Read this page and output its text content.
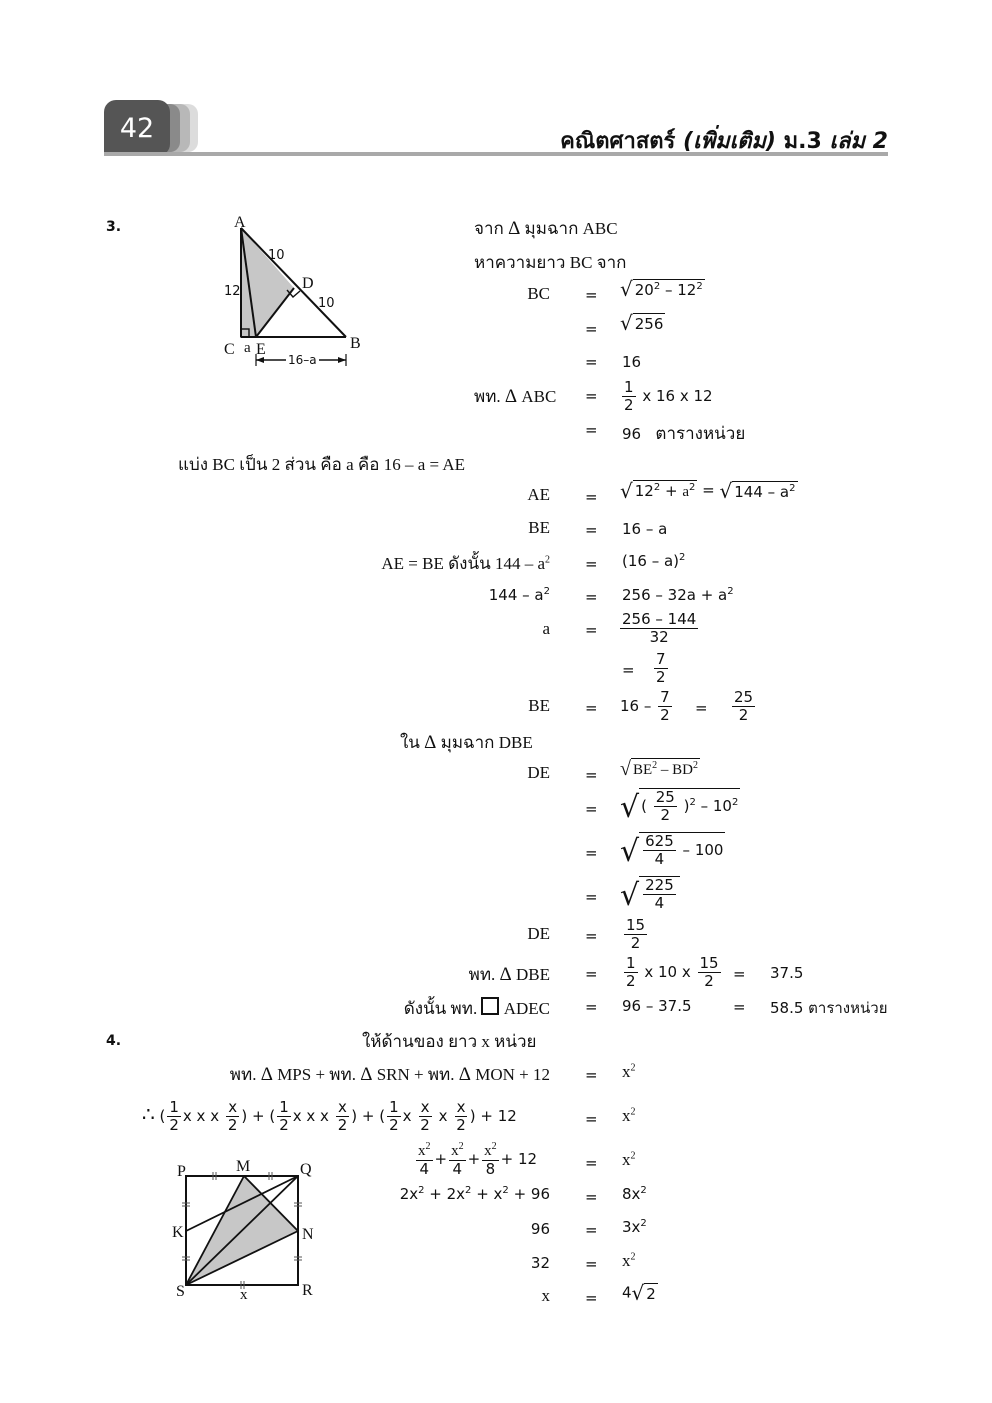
42	คณิตศาสตร์ (เพิ่มเติม) ม.3 เล่ม 2
A
D
B
C a E
10
10
12
16–a
3.	จาก Δ มุมฉาก ABC
หาความยาว BC จาก
BC = √ $20^2 - 12^2$
= √ 256
= 16
พท. Δ ABC = $\frac{1}{2}$ x 16 x 12
= 96 ตารางหน่วย
แบ่ง BC เป็น 2 ส่วน คือ a คือ 16 – a = AE
AE = √ $12^2 + a^2$ = √ $144 - a^2$
BE = 16 – a
AE = BE ดังนั้น $144 - a^2 = (16 - a)^2$
$144 - a^2 = 256 - 32a + a^2$
$a = \frac{256 - 144}{32}$
= $\frac{7}{2}$
BE = $16 - \frac{7}{2} = \frac{25}{2}$
ใน Δ มุมฉาก DBE
DE = √ $BE^2 - BD^2$
= √ ( $\frac{25}{2} )^2 - 10^2$
= √ $\frac{625}{4} - 100$
= √ $\frac{225}{4}$
DE = $\frac{15}{2}$
พท. Δ DBE = $\frac{1}{2}$ x 10 x $\frac{15}{2} = 37.5$
ดังนั้น พท. ADEC = 96 – 37.5	= 58.5 ตารางหน่วย
4.	ให้ด้านของ ยาว x หน่วย
พท. Δ MPS + พท. Δ SRN + พท. Δ MON + $12 = x^2$
∴ ( $\frac{1}{2}$ x x x $\frac{x}{2}$ ) + ( $\frac{1}{2}$ x x x $\frac{x}{2}$ ) + ( $\frac{1}{2}$ x $\frac{x}{2}$ x $\frac{x}{2}$ ) + 12	= $x^2$
$\frac{x^2}{4} + \frac{x^2}{4} + \frac{x^2}{8} + 12$	= $x^2$
$2x^2 + 2x^2 + x^2 + 96 = 8x^2$
$96 = 3x^2$
$32 = x^2$
x = 4 √ 2
P	M	Q
K	N
S	x	R
